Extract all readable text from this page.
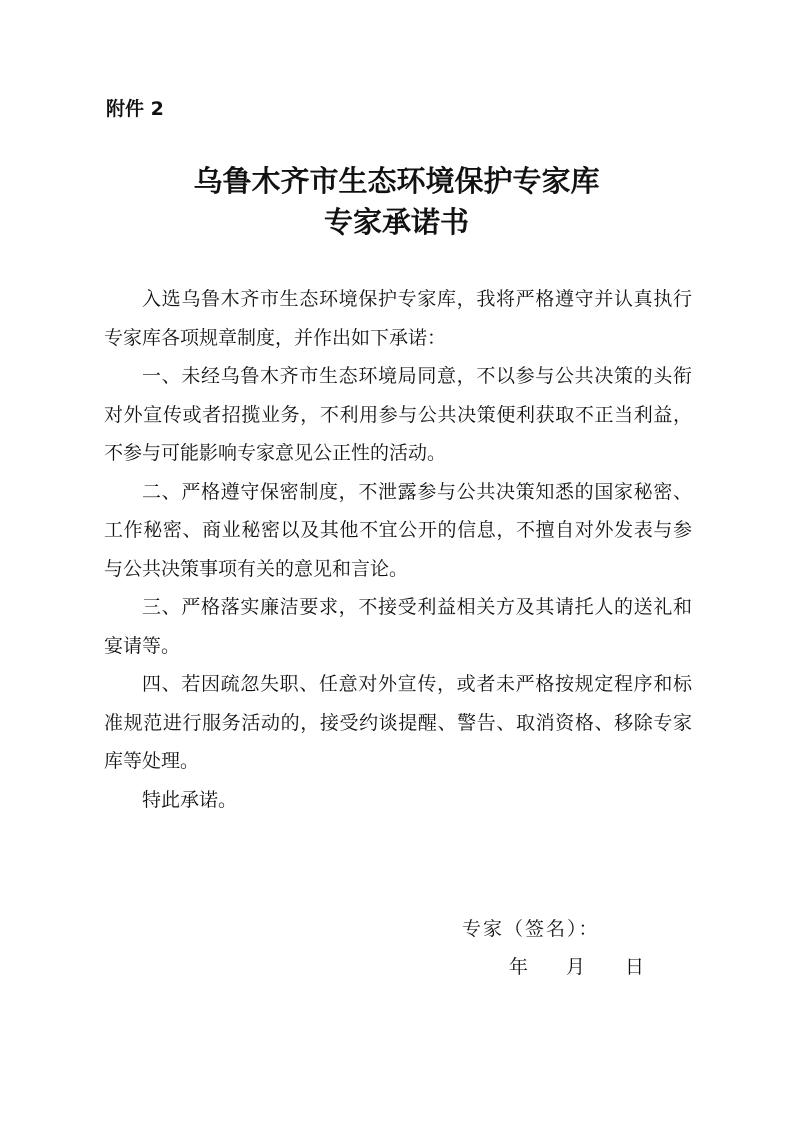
附件 2
乌鲁木齐市生态环境保护专家库
专家承诺书

入选乌鲁木齐市生态环境保护专家库，我将严格遵守并认真执行专家库各项规章制度，并作出如下承诺：

一、未经乌鲁木齐市生态环境局同意，不以参与公共决策的头衔对外宣传或者招揽业务，不利用参与公共决策便利获取不正当利益，不参与可能影响专家意见公正性的活动。

二、严格遵守保密制度，不泄露参与公共决策知悉的国家秘密、工作秘密、商业秘密以及其他不宜公开的信息，不擅自对外发表与参与公共决策事项有关的意见和言论。

三、严格落实廉洁要求，不接受利益相关方及其请托人的送礼和宴请等。

四、若因疏忽失职、任意对外宣传，或者未严格按规定程序和标准规范进行服务活动的，接受约谈提醒、警告、取消资格、移除专家库等处理。

特此承诺。

专家（签名）：
年 月 日
